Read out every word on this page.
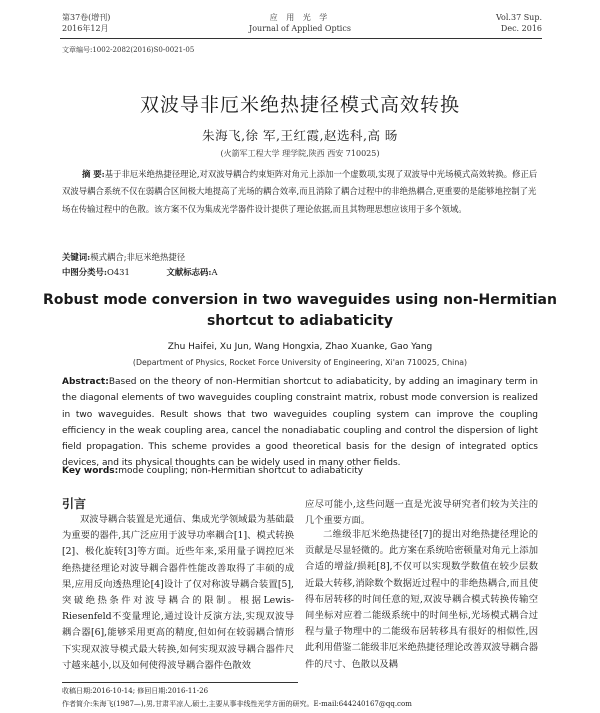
第37卷(增刊)
2016年12月
应 用 光 学
Journal of Applied Optics
Vol.37 Sup.
Dec. 2016
文章编号:1002-2082(2016)S0-0021-05
双波导非厄米绝热捷径模式高效转换
朱海飞,徐 军,王红霞,赵选科,高 旸
(火箭军工程大学 理学院,陕西 西安 710025)
摘 要:基于非厄米绝热捷径理论,对双波导耦合约束矩阵对角元上添加一个虚数项,实现了双波导中光场模式高效转换。修正后双波导耦合系统不仅在弱耦合区间极大地提高了光场的耦合效率,而且消除了耦合过程中的非绝热耦合,更重要的是能够地控制了光场在传输过程中的色散。该方案不仅为集成光学器件设计提供了理论依据,而且其物理思想应该用于多个领域。
关键词:模式耦合;非厄米绝热捷径
中图分类号:O431	文献标志码:A
Robust mode conversion in two waveguides using non-Hermitian
shortcut to adiabaticity
Zhu Haifei, Xu Jun, Wang Hongxia, Zhao Xuanke, Gao Yang
(Department of Physics, Rocket Force University of Engineering, Xi'an 710025, China)
Abstract:Based on the theory of non-Hermitian shortcut to adiabaticity, by adding an imaginary term in the diagonal elements of two waveguides coupling constraint matrix, robust mode conversion is realized in two waveguides. Result shows that two waveguides coupling system can improve the coupling efficiency in the weak coupling area, cancel the nonadiabatic coupling and control the dispersion of light field propagation. This scheme provides a good theoretical basis for the design of integrated optics devices, and its physical thoughts can be widely used in many other fields.
Key words:mode coupling; non-Hermitian shortcut to adiabaticity
引言
双波导耦合装置是光通信、集成光学领域最为基础最为重要的器件,其广泛应用于波导功率耦合[1]、模式转换[2]、极化旋转[3]等方面。近些年来,采用量子调控厄米绝热捷径理论对波导耦合器件性能改善取得了丰硕的成果,应用反向透热理论[4]设计了仅对称波导耦合装置[5],突破绝热条件对波导耦合的限制。根据Lewis-Riesenfeld不变量理论,通过设计反演方法,实现双波导耦合器[6],能够采用更高的精度,但如何在较弱耦合情形下实现双波导模式最大转换,如何实现双波导耦合器件尺寸越来越小,以及如何使得波导耦合器件色散效
应尽可能小,这些问题一直是光波导研究者们较为关注的几个重要方面。
二维级非厄米绝热捷径[7]的提出对绝热捷径理论的贡献是尽显轻微的。此方案在系统哈密顿量对角元上添加合适的增益/损耗[8],不仅可以实现数学数值在较少层数近最大转移,消除数个数据近过程中的非绝热耦合,而且使得布居转移的时间任意的短,双波导耦合模式转换传输空间坐标对应着二能级系统中的时间坐标,光场模式耦合过程与量子物理中的二能级布居转移具有很好的相似性,因此利用借鉴二能级非厄米绝热捷径理论改善双波导耦合器件的尺寸、色散以及耦
收稿日期:2016-10-14; 修回日期:2016-11-26
作者简介:朱海飞(1987—),男,甘肃平凉人,硕士,主要从事非线性光学方面的研究。E-mail:644240167@qq.com
